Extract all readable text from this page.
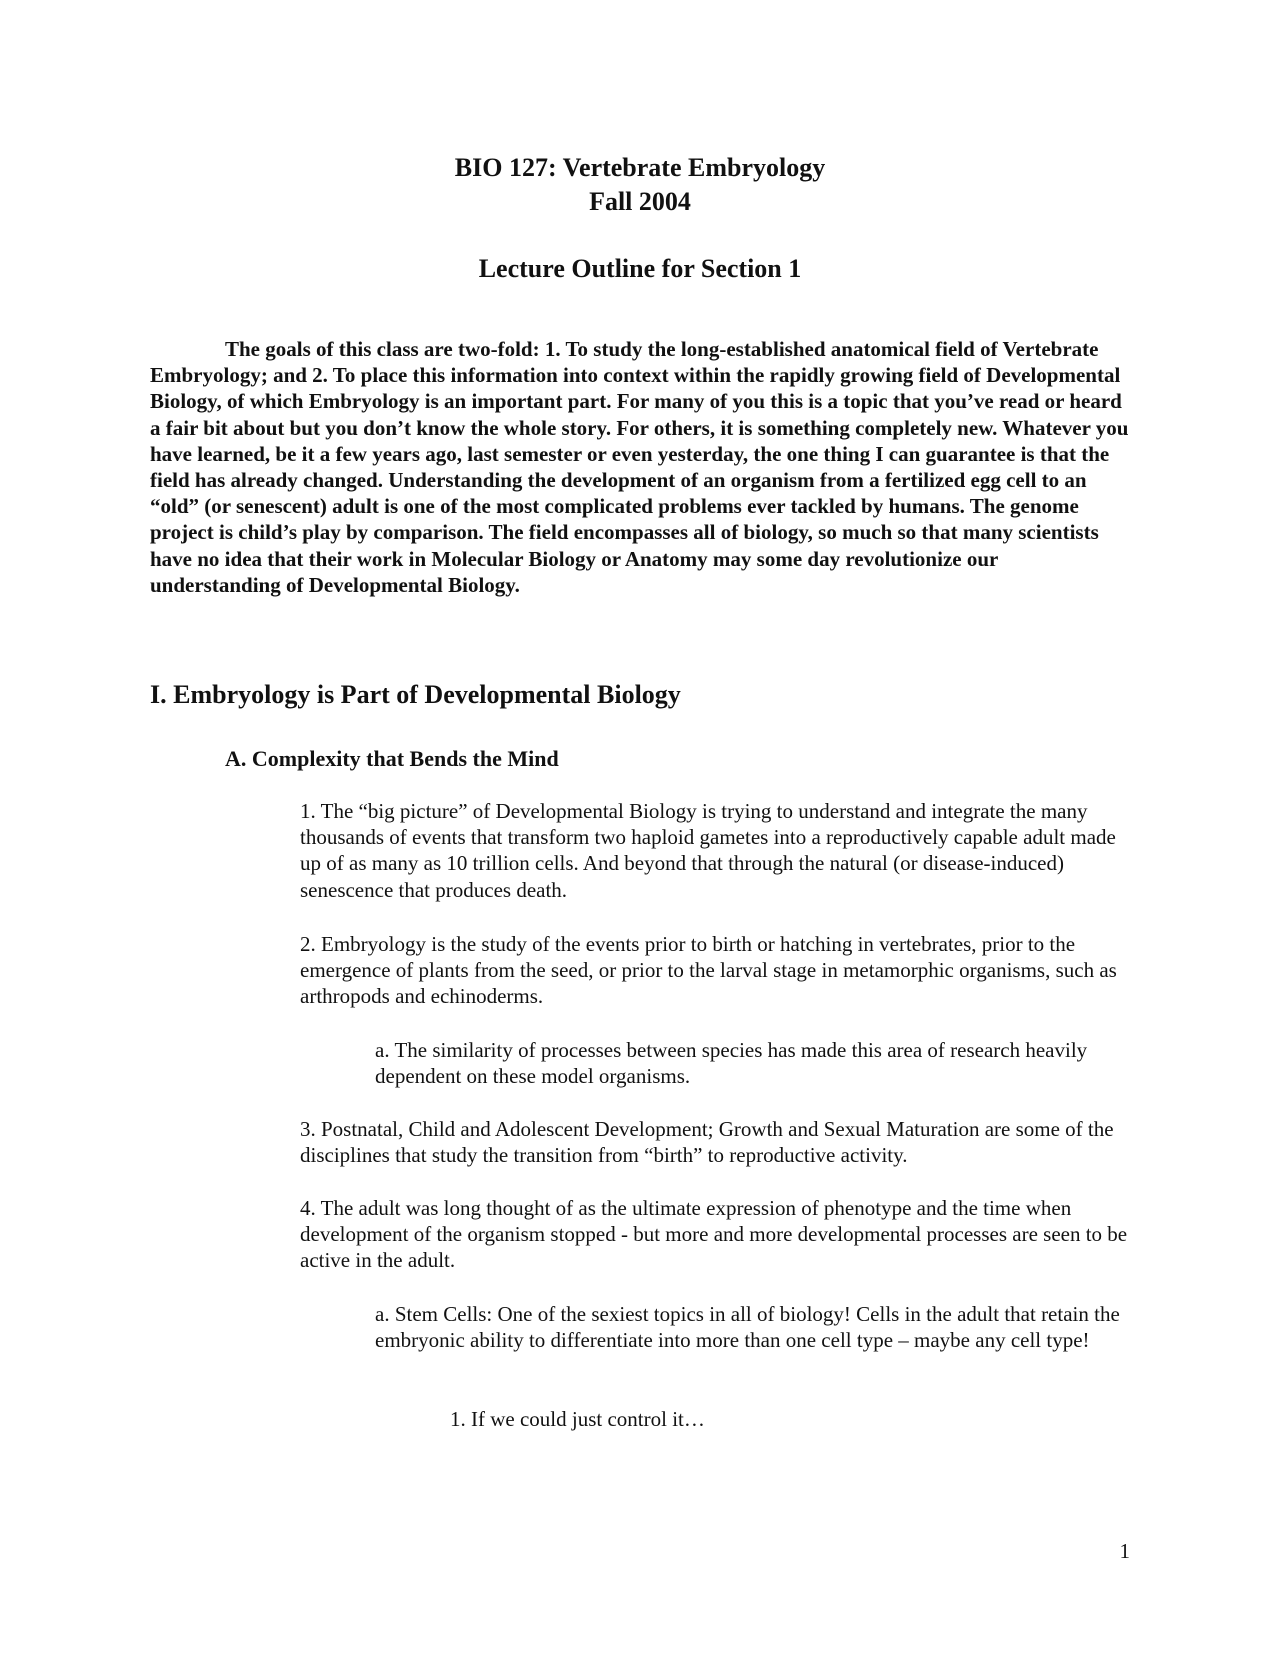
BIO 127: Vertebrate Embryology
Fall 2004
Lecture Outline for Section 1

The goals of this class are two-fold: 1. To study the long-established anatomical field of Vertebrate Embryology; and 2. To place this information into context within the rapidly growing field of Developmental Biology, of which Embryology is an important part. For many of you this is a topic that you’ve read or heard a fair bit about but you don’t know the whole story. For others, it is something completely new. Whatever you have learned, be it a few years ago, last semester or even yesterday, the one thing I can guarantee is that the field has already changed. Understanding the development of an organism from a fertilized egg cell to an “old” (or senescent) adult is one of the most complicated problems ever tackled by humans. The genome project is child’s play by comparison. The field encompasses all of biology, so much so that many scientists have no idea that their work in Molecular Biology or Anatomy may some day revolutionize our understanding of Developmental Biology.

I. Embryology is Part of Developmental Biology
A. Complexity that Bends the Mind

1. The “big picture” of Developmental Biology is trying to understand and integrate the many thousands of events that transform two haploid gametes into a reproductively capable adult made up of as many as 10 trillion cells. And beyond that through the natural (or disease-induced) senescence that produces death.

2. Embryology is the study of the events prior to birth or hatching in vertebrates, prior to the emergence of plants from the seed, or prior to the larval stage in metamorphic organisms, such as arthropods and echinoderms.

a. The similarity of processes between species has made this area of research heavily dependent on these model organisms.

3. Postnatal, Child and Adolescent Development; Growth and Sexual Maturation are some of the disciplines that study the transition from “birth” to reproductive activity.

4. The adult was long thought of as the ultimate expression of phenotype and the time when development of the organism stopped - but more and more developmental processes are seen to be active in the adult.

a. Stem Cells: One of the sexiest topics in all of biology! Cells in the adult that retain the embryonic ability to differentiate into more than one cell type – maybe any cell type!

1. If we could just control it…

1
